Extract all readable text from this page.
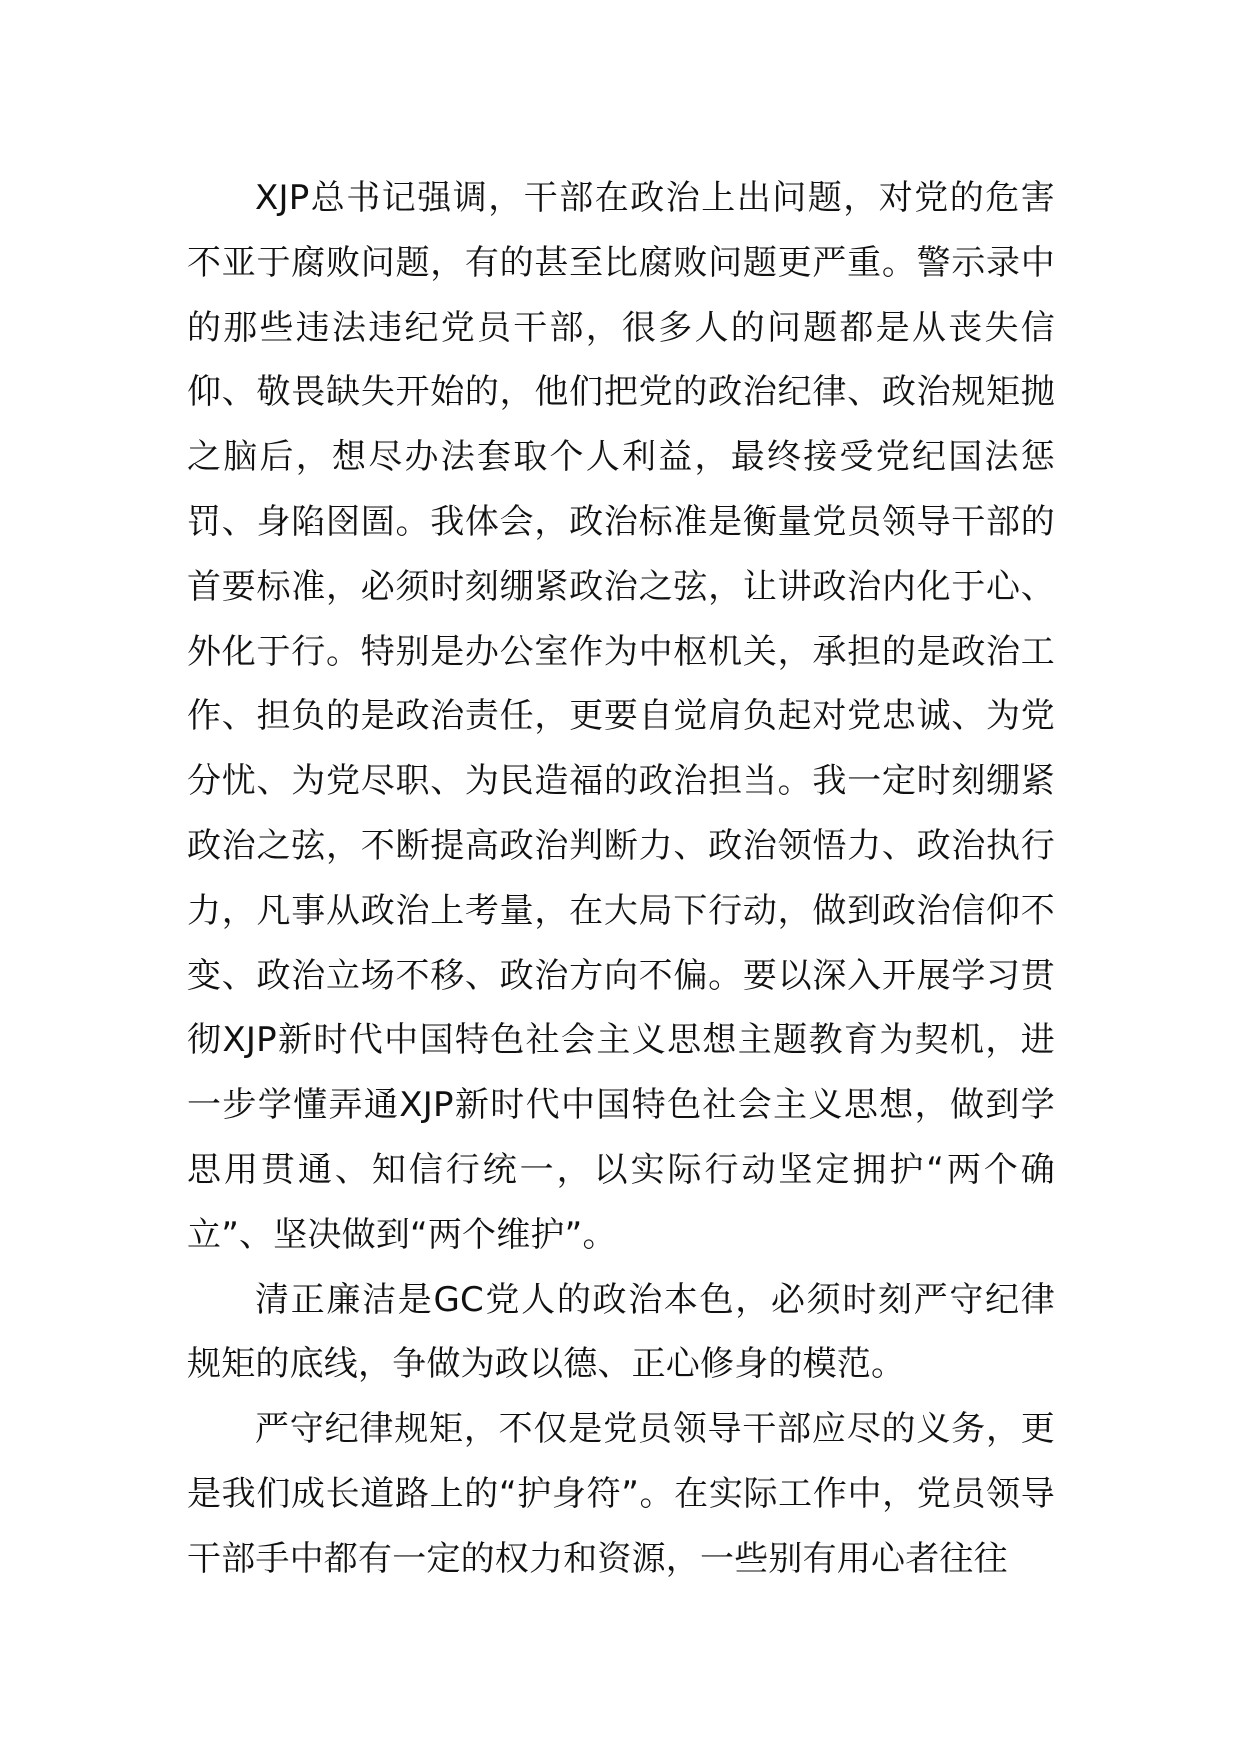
XJP总书记强调，干部在政治上出问题，对党的危害不亚于腐败问题，有的甚至比腐败问题更严重。警示录中的那些违法违纪党员干部，很多人的问题都是从丧失信仰、敬畏缺失开始的，他们把党的政治纪律、政治规矩抛之脑后，想尽办法套取个人利益，最终接受党纪国法惩罚、身陷囹圄。我体会，政治标准是衡量党员领导干部的首要标准，必须时刻绷紧政治之弦，让讲政治内化于心、外化于行。特别是办公室作为中枢机关，承担的是政治工作、担负的是政治责任，更要自觉肩负起对党忠诚、为党分忧、为党尽职、为民造福的政治担当。我一定时刻绷紧政治之弦，不断提高政治判断力、政治领悟力、政治执行力，凡事从政治上考量，在大局下行动，做到政治信仰不变、政治立场不移、政治方向不偏。要以深入开展学习贯彻XJP新时代中国特色社会主义思想主题教育为契机，进一步学懂弄通XJP新时代中国特色社会主义思想，做到学思用贯通、知信行统一，以实际行动坚定拥护“两个确立”、坚决做到“两个维护”。

清正廉洁是GC党人的政治本色，必须时刻严守纪律规矩的底线，争做为政以德、正心修身的模范。

严守纪律规矩，不仅是党员领导干部应尽的义务，更是我们成长道路上的“护身符”。在实际工作中，党员领导干部手中都有一定的权力和资源，一些别有用心者往往
